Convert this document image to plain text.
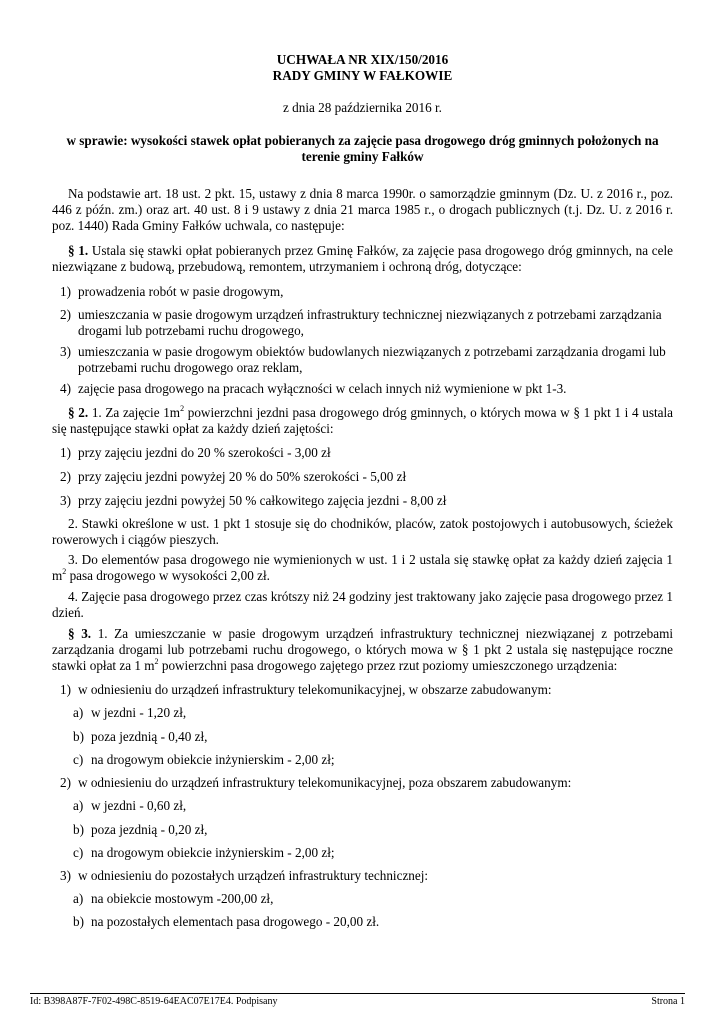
UCHWAŁA NR XIX/150/2016
RADY GMINY W FAŁKOWIE
z dnia 28 października 2016 r.
w sprawie: wysokości stawek opłat pobieranych za zajęcie pasa drogowego dróg gminnych położonych na
terenie gminy Fałków
Na podstawie art. 18 ust. 2 pkt. 15, ustawy z dnia 8 marca 1990r. o samorządzie gminnym (Dz. U. z 2016 r., poz. 446 z późn. zm.) oraz art. 40 ust. 8 i 9 ustawy z dnia 21 marca 1985 r., o drogach publicznych (t.j. Dz. U. z 2016 r. poz. 1440) Rada Gminy Fałków uchwala, co następuje:
§ 1. Ustala się stawki opłat pobieranych przez Gminę Fałków, za zajęcie pasa drogowego dróg gminnych, na cele niezwiązane z budową, przebudową, remontem, utrzymaniem i ochroną dróg, dotyczące:
1) prowadzenia robót w pasie drogowym,
2) umieszczania w pasie drogowym urządzeń infrastruktury technicznej niezwiązanych z potrzebami zarządzania
drogami lub potrzebami ruchu drogowego,
3) umieszczania w pasie drogowym obiektów budowlanych niezwiązanych z potrzebami zarządzania drogami lub
potrzebami ruchu drogowego oraz reklam,
4) zajęcie pasa drogowego na pracach wyłączności w celach innych niż wymienione w pkt 1-3.
§ 2. 1. Za zajęcie $1m^2$ powierzchni jezdni pasa drogowego dróg gminnych, o których mowa w § 1 pkt 1 i 4 ustala się następujące stawki opłat za każdy dzień zajętości:
1) przy zajęciu jezdni do 20 % szerokości - 3,00 zł
2) przy zajęciu jezdni powyżej 20 % do 50% szerokości - 5,00 zł
3) przy zajęciu jezdni powyżej 50 % całkowitego zajęcia jezdni - 8,00 zł
2. Stawki określone w ust. 1 pkt 1 stosuje się do chodników, placów, zatok postojowych i autobusowych, ścieżek rowerowych i ciągów pieszych.
3. Do elementów pasa drogowego nie wymienionych w ust. 1 i 2 ustala się stawkę opłat za każdy dzień zajęcia 1 $m^2$ pasa drogowego w wysokości 2,00 zł.
4. Zajęcie pasa drogowego przez czas krótszy niż 24 godziny jest traktowany jako zajęcie pasa drogowego przez 1 dzień.
§ 3. 1. Za umieszczanie w pasie drogowym urządzeń infrastruktury technicznej niezwiązanej z potrzebami zarządzania drogami lub potrzebami ruchu drogowego, o których mowa w § 1 pkt 2 ustala się następujące roczne stawki opłat za 1 $m^2$ powierzchni pasa drogowego zajętego przez rzut poziomy umieszczonego urządzenia:
1) w odniesieniu do urządzeń infrastruktury telekomunikacyjnej, w obszarze zabudowanym:
a) w jezdni - 1,20 zł,
b) poza jezdnią - 0,40 zł,
c) na drogowym obiekcie inżynierskim - 2,00 zł;
2) w odniesieniu do urządzeń infrastruktury telekomunikacyjnej, poza obszarem zabudowanym:
a) w jezdni - 0,60 zł,
b) poza jezdnią - 0,20 zł,
c) na drogowym obiekcie inżynierskim - 2,00 zł;
3) w odniesieniu do pozostałych urządzeń infrastruktury technicznej:
a) na obiekcie mostowym -200,00 zł,
b) na pozostałych elementach pasa drogowego - 20,00 zł.
Id: B398A87F-7F02-498C-8519-64EAC07E17E4. Podpisany	Strona 1
